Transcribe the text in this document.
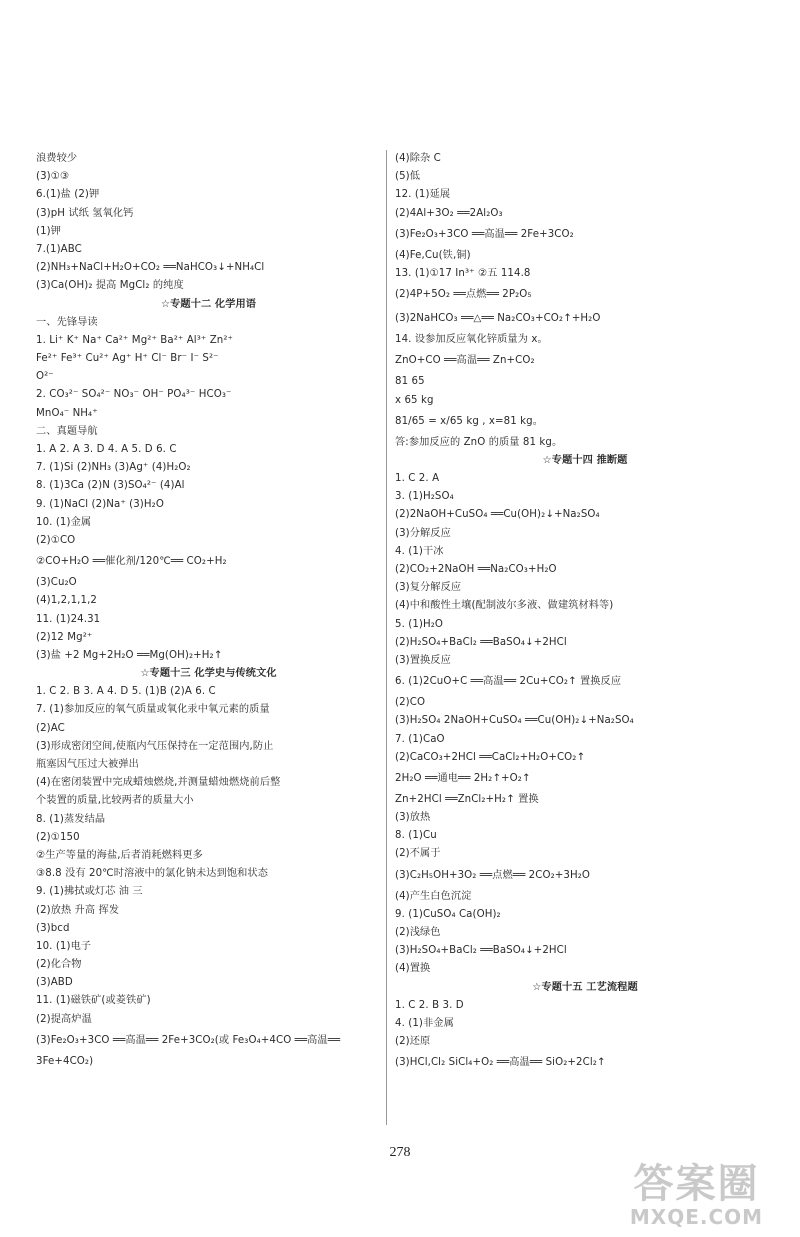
浪费较少
(3)①③
6.(1)盐 (2)钾
(3)pH 试纸 氢氧化钙
(1)钾
7.(1)ABC
(2)NH₃+NaCl+H₂O+CO₂ ══NaHCO₃↓+NH₄Cl
(3)Ca(OH)₂ 提高 MgCl₂ 的纯度
☆专题十二 化学用语
一、先锋导读
1. Li⁺ K⁺ Na⁺ Ca²⁺ Mg²⁺ Ba²⁺ Al³⁺ Zn²⁺
Fe²⁺ Fe³⁺ Cu²⁺ Ag⁺ H⁺ Cl⁻ Br⁻ I⁻ S²⁻
O²⁻
2. CO₃²⁻ SO₄²⁻ NO₃⁻ OH⁻ PO₄³⁻ HCO₃⁻
MnO₄⁻ NH₄⁺
二、真题导航
1. A 2. A 3. D 4. A 5. D 6. C
7. (1)Si (2)NH₃ (3)Ag⁺ (4)H₂O₂
8. (1)3Ca (2)N (3)SO₄²⁻ (4)Al
9. (1)NaCl (2)Na⁺ (3)H₂O
10. (1)金属
(2)①CO
②CO+H₂O ══催化剂/120℃══ CO₂+H₂
(3)Cu₂O
(4)1,2,1,1,2
11. (1)24.31
(2)12 Mg²⁺
(3)盐 +2 Mg+2H₂O ══Mg(OH)₂+H₂↑
☆专题十三 化学史与传统文化
1. C 2. B 3. A 4. D 5. (1)B (2)A 6. C
7. (1)参加反应的氧气质量或氧化汞中氧元素的质量
(2)AC
(3)形成密闭空间,使瓶内气压保持在一定范围内,防止
瓶塞因气压过大被弹出
(4)在密闭装置中完成蜡烛燃烧,并测量蜡烛燃烧前后整
个装置的质量,比较两者的质量大小
8. (1)蒸发结晶
(2)①150
②生产等量的海盐,后者消耗燃料更多
③8.8 没有 20℃时溶液中的氯化钠未达到饱和状态
9. (1)拂拭或灯芯 油 三
(2)放热 升高 挥发
(3)bcd
10. (1)电子
(2)化合物
(3)ABD
11. (1)磁铁矿(或菱铁矿)
(2)提高炉温
(3)Fe₂O₃+3CO ══高温══ 2Fe+3CO₂(或 Fe₃O₄+4CO ══高温══
3Fe+4CO₂)
(4)除杂 C
(5)低
12. (1)延展
(2)4Al+3O₂ ══2Al₂O₃
(3)Fe₂O₃+3CO ══高温══ 2Fe+3CO₂
(4)Fe,Cu(铁,铜)
13. (1)①17 In³⁺ ②五 114.8
(2)4P+5O₂ ══点燃══ 2P₂O₅
(3)2NaHCO₃ ══△══ Na₂CO₃+CO₂↑+H₂O
14. 设参加反应氧化锌质量为 x。
ZnO+CO ══高温══ Zn+CO₂
81 65
x 65 kg
81/65 = x/65 kg , x=81 kg。
答:参加反应的 ZnO 的质量 81 kg。
☆专题十四 推断题
1. C 2. A
3. (1)H₂SO₄
(2)2NaOH+CuSO₄ ══Cu(OH)₂↓+Na₂SO₄
(3)分解反应
4. (1)干冰
(2)CO₂+2NaOH ══Na₂CO₃+H₂O
(3)复分解反应
(4)中和酸性土壤(配制波尔多液、做建筑材料等)
5. (1)H₂O
(2)H₂SO₄+BaCl₂ ══BaSO₄↓+2HCl
(3)置换反应
6. (1)2CuO+C ══高温══ 2Cu+CO₂↑ 置换反应
(2)CO
(3)H₂SO₄ 2NaOH+CuSO₄ ══Cu(OH)₂↓+Na₂SO₄
7. (1)CaO
(2)CaCO₃+2HCl ══CaCl₂+H₂O+CO₂↑
2H₂O ══通电══ 2H₂↑+O₂↑
Zn+2HCl ══ZnCl₂+H₂↑ 置换
(3)放热
8. (1)Cu
(2)不属于
(3)C₂H₅OH+3O₂ ══点燃══ 2CO₂+3H₂O
(4)产生白色沉淀
9. (1)CuSO₄ Ca(OH)₂
(2)浅绿色
(3)H₂SO₄+BaCl₂ ══BaSO₄↓+2HCl
(4)置换
☆专题十五 工艺流程题
1. C 2. B 3. D
4. (1)非金属
(2)还原
(3)HCl,Cl₂ SiCl₄+O₂ ══高温══ SiO₂+2Cl₂↑
278
答案圈
MXQE.COM
